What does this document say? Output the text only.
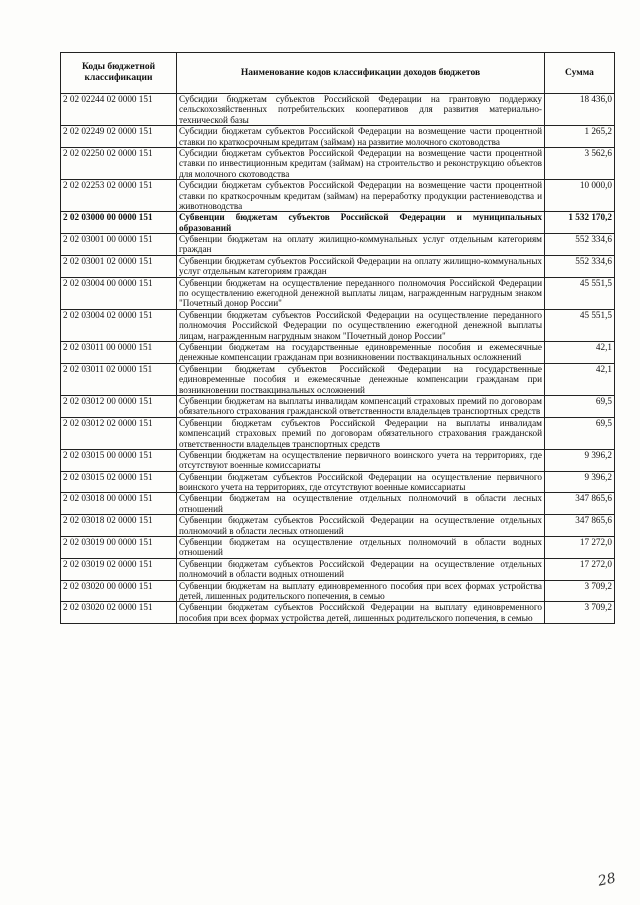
Коды бюджетной классификации	Наименование кодов классификации доходов бюджетов	Сумма
2 02 02244 02 0000 151	Субсидии бюджетам субъектов Российской Федерации на грантовую поддержку сельскохозяйственных потребительских кооперативов для развития материально-технической базы	18 436,0
2 02 02249 02 0000 151	Субсидии бюджетам субъектов Российской Федерации на возмещение части процентной ставки по краткосрочным кредитам (займам) на развитие молочного скотоводства	1 265,2
2 02 02250 02 0000 151	Субсидии бюджетам субъектов Российской Федерации на возмещение части процентной ставки по инвестиционным кредитам (займам) на строительство и реконструкцию объектов для молочного скотоводства	3 562,6
2 02 02253 02 0000 151	Субсидии бюджетам субъектов Российской Федерации на возмещение части процентной ставки по краткосрочным кредитам (займам) на переработку продукции растениеводства и животноводства	10 000,0
2 02 03000 00 0000 151	Субвенции бюджетам субъектов Российской Федерации и муниципальных образований	1 532 170,2
2 02 03001 00 0000 151	Субвенции бюджетам на оплату жилищно-коммунальных услуг отдельным категориям граждан	552 334,6
2 02 03001 02 0000 151	Субвенции бюджетам субъектов Российской Федерации на оплату жилищно-коммунальных услуг отдельным категориям граждан	552 334,6
2 02 03004 00 0000 151	Субвенции бюджетам на осуществление переданного полномочия Российской Федерации по осуществлению ежегодной денежной выплаты лицам, награжденным нагрудным знаком "Почетный донор России"	45 551,5
2 02 03004 02 0000 151	Субвенции бюджетам субъектов Российской Федерации на осуществление переданного полномочия Российской Федерации по осуществлению ежегодной денежной выплаты лицам, награжденным нагрудным знаком "Почетный донор России"	45 551,5
2 02 03011 00 0000 151	Субвенции бюджетам на государственные единовременные пособия и ежемесячные денежные компенсации гражданам при возникновении поствакцинальных осложнений	42,1
2 02 03011 02 0000 151	Субвенции бюджетам субъектов Российской Федерации на государственные единовременные пособия и ежемесячные денежные компенсации гражданам при возникновении поствакцинальных осложнений	42,1
2 02 03012 00 0000 151	Субвенции бюджетам на выплаты инвалидам компенсаций страховых премий по договорам обязательного страхования гражданской ответственности владельцев транспортных средств	69,5
2 02 03012 02 0000 151	Субвенции бюджетам субъектов Российской Федерации на выплаты инвалидам компенсаций страховых премий по договорам обязательного страхования гражданской ответственности владельцев транспортных средств	69,5
2 02 03015 00 0000 151	Субвенции бюджетам на осуществление первичного воинского учета на территориях, где отсутствуют военные комиссариаты	9 396,2
2 02 03015 02 0000 151	Субвенции бюджетам субъектов Российской Федерации на осуществление первичного воинского учета на территориях, где отсутствуют военные комиссариаты	9 396,2
2 02 03018 00 0000 151	Субвенции бюджетам на осуществление отдельных полномочий в области лесных отношений	347 865,6
2 02 03018 02 0000 151	Субвенции бюджетам субъектов Российской Федерации на осуществление отдельных полномочий в области лесных отношений	347 865,6
2 02 03019 00 0000 151	Субвенции бюджетам на осуществление отдельных полномочий в области водных отношений	17 272,0
2 02 03019 02 0000 151	Субвенции бюджетам субъектов Российской Федерации на осуществление отдельных полномочий в области водных отношений	17 272,0
2 02 03020 00 0000 151	Субвенции бюджетам на выплату единовременного пособия при всех формах устройства детей, лишенных родительского попечения, в семью	3 709,2
2 02 03020 02 0000 151	Субвенции бюджетам субъектов Российской Федерации на выплату единовременного пособия при всех формах устройства детей, лишенных родительского попечения, в семью	3 709,2
28
